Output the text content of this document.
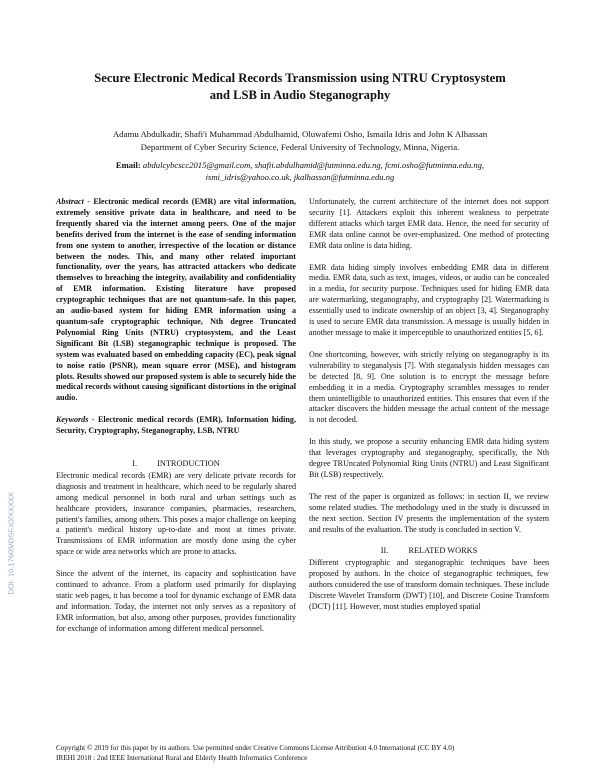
Secure Electronic Medical Records Transmission using NTRU Cryptosystem
and LSB in Audio Steganography
Adamu Abdulkadir, Shafi'i Muhammad Abdulhamid, Oluwafemi Osho, Ismaila Idris and John K Alhassan
Department of Cyber Security Science, Federal University of Technology, Minna, Nigeria.
Email: abdulcybcscc2015@gmail.com, shafii.abdulhamid@futminna.edu.ng, fcmi.osho@futminna.edu.ng,
ismi_idris@yahoo.co.uk, jkalhassan@futminna.edu.ng

Abstract - Electronic medical records (EMR) are vital information, extremely sensitive private data in healthcare, and need to be frequently shared via the internet among peers. One of the major benefits derived from the internet is the ease of sending information from one system to another, irrespective of the location or distance between the nodes. This, and many other related important functionality, over the years, has attracted attackers who dedicate themselves to breaching the integrity, availability and confidentiality of EMR information. Existing literature have proposed cryptographic techniques that are not quantum-safe. In this paper, an audio-based system for hiding EMR information using a quantum-safe cryptographic technique, Nth degree Truncated Polynomial Ring Units (NTRU) cryptosystem, and the Least Significant Bit (LSB) steganographic technique is proposed. The system was evaluated based on embedding capacity (EC), peak signal to noise ratio (PSNR), mean square error (MSE), and histogram plots. Results showed our proposed system is able to securely hide the medical records without causing significant distortions in the original audio.

Keywords - Electronic medical records (EMR), Information hiding, Security, Cryptography, Steganography, LSB, NTRU

I. INTRODUCTION

Electronic medical records (EMR) are very delicate private records for diagnosis and treatment in healthcare, which need to be regularly shared among medical personnel in both rural and urban settings such as healthcare providers, insurance companies, pharmacies, researchers, patient's families, among others. This poses a major challenge on keeping a patient's medical history up-to-date and most at times private. Transmissions of EMR information are mostly done using the cyber space or wide area networks which are prone to attacks.

Since the advent of the internet, its capacity and sophistication have continued to advance. From a platform used primarily for displaying static web pages, it has become a tool for dynamic exchange of EMR data and information. Today, the internet not only serves as a repository of EMR information, but also, among other purposes, provides functionality for exchange of information among different medical personnel.

Unfortunately, the current architecture of the internet does not support security [1]. Attackers exploit this inherent weakness to perpetrate different attacks which target EMR data. Hence, the need for security of EMR data online cannot be over-emphasized. One method of protecting EMR data online is data hiding.

EMR data hiding simply involves embedding EMR data in different media. EMR data, such as text, images, videos, or audio can be concealed in a media, for security purpose. Techniques used for hiding EMR data are watermarking, steganography, and cryptography [2]. Watermarking is essentially used to indicate ownership of an object [3, 4]. Steganography is used to secure EMR data transmission. A message is usually hidden in another message to make it imperceptible to unauthorized entities [5, 6].

One shortcoming, however, with strictly relying on steganography is its vulnerability to steganalysis [7]. With steganalysis hidden messages can be detected [8, 9]. One solution is to encrypt the message before embedding it in a media. Cryptography scrambles messages to render them unintelligible to unauthorized entities. This ensures that even if the attacker discovers the hidden message the actual content of the message is not decoded.

In this study, we propose a security enhancing EMR data hiding system that leverages cryptography and steganography, specifically, the Nth degree TRUncated Polynomial Ring Units (NTRU) and Least Significant Bit (LSB) respectively.

The rest of the paper is organized as follows: in section II, we review some related studies. The methodology used in the study is discussed in the next section. Section IV presents the implementation of the system and results of the evaluation. The study is concluded in section V.

II. RELATED WORKS

Different cryptographic and steganographic techniques have been proposed by authors. In the choice of steganographic techniques, few authors considered the use of transform domain techniques. These include Discrete Wavelet Transform (DWT) [10], and Discrete Cosine Transform (DCT) [11]. However, most studies employed spatial

DOI: 10.17605/OSF.IO/XXXXX
Copyright © 2019 for this paper by its authors. Use permitted under Creative Commons License Attribution 4.0 International (CC BY 4.0)
IREHI 2018 : 2nd IEEE International Rural and Elderly Health Informatics Conference
